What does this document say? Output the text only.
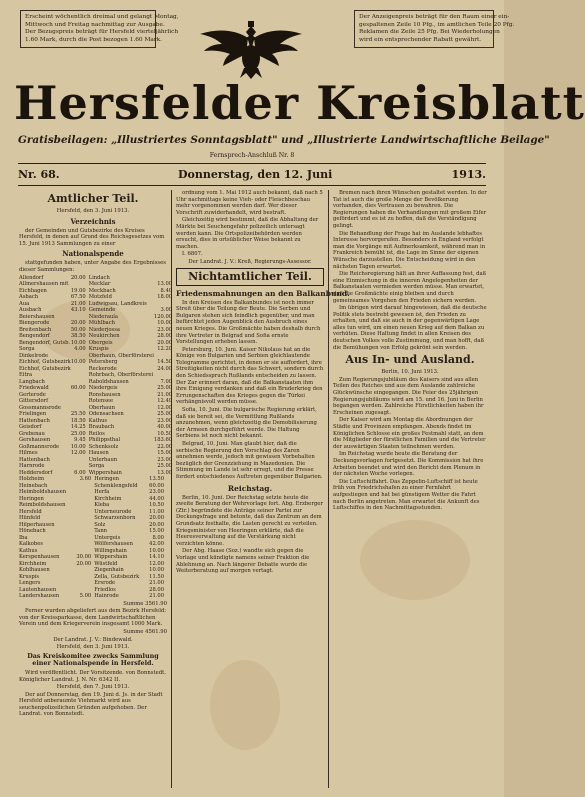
Erscheint wöchentlich dreimal und gelangt Montag,
Mittwoch und Freitag nachmittag zur Ausgabe.
Der Bezugspreis beträgt für Hersfeld vierteljährlich
1.60 Mark, durch die Post bezogen 1.60 Mark.
Der Anzeigenpreis beträgt für den Raum einer ein-
gespaltenen Zeile 10 Pfg., im amtlichen Teile 20 Pfg.
Reklamen die Zeile 25 Pfg. Bei Wiederholungen
wird ein entsprechender Rabatt gewährt.
Hersfelder Kreisblatt
Gratisbeilagen: „Illustriertes Sonntagsblatt" und „Illustrierte Landwirtschaftliche Beilage"
Fernsprech-Anschluß Nr. 8
Nr. 68.	Donnerstag, den 12. Juni	1913.
Amtlicher Teil.

Hersfeld, den 3. Juni 1913.

Verzeichnis

der Gemeinden und Gutsbezirke des Kreises Hersfeld, in denen auf Grund des Reichsgesetzes vom 15. Juni 1913 Sammlungen zu einer

Nationalspende

stattgefunden haben, unter Angabe des Ergebnisses dieser Sammlungen:

Allendorf	20.00	Lindach	
Allmershausen mit		Mecklar	13.00
Eichhagen	19.00	Meckbach	8.40
Asbach	67.50	Motzfeld	18.00
Aua	21.00	Ludwigsau, Landkreis	
Ausbach	43.10	Gemeinde	3.00
Beiershausen		Niederaula	120.00
Biengerode	20.00	Mühlbach	10.00
Breitenbach	50.00	Niederjossa	23.00
Bengendorf	38.50	Neukirchen	28.00
Bengendorf, Gutsb.	10.00	Obergeis	20.00
Sorga	4.00	Kruspis	12.20
Dinkelrode		Oberhaun, Oberförsterei	
Eichhof, Gutsbezirk	10.00	Petersberg	14.50
Eichhof, Gutsbezirk		Reckerode	24.00
Eitra		Rohrbach, Oberförsterei	
Langbach		Raboldshausen	7.00
Friedewald	60.00	Niedergeis	25.00
Gerterode		Ronshausen	21.00
Gittersdorf		Rotensee	12.40
Gossmannsrode		Oberhaun	12.00
Frielingen	25.50	Odensachsen	25.00
Hattenbach	18.50	Kathus	23.00
Geisdorf	14.25	Braubach	40.00
Grebenau	25.00	Reilos	10.50
Gershausen	9.45	Philippsthal	183.60
Goßmannsrode	10.00	Schenksolz	22.00
Hilmes	12.00	Hausen	15.00
Hattenbach		Unterhaun	23.00
Harnrode		Sorga	25.00
Heddersdorf	6.00	Wippershain	13.00
Holzheim	3.60	Heringen	13.50
Heinebach		Schenklengsfeld	60.00
Heimboldshausen		Herfa	23.00
Heringen		Kirchheim	44.00
Reimboldshausen		Kleba	10.50
Hersfeld		Unterneurode	11.00
Hünfeld		Schwarzenborn	20.00
Hilperhausen		Solz	20.00
Hönebach		Tann	15.00
Iba		Untergeis	8.00
Kalkobes		Wölfershausen	42.00
Kathus		Willingshain	10.00
Kerspenhausen	30.00	Wippershain	14.10
Kirchheim	20.00	Wüstfeld	12.00
Kohlhausen		Ziegenhain	10.00
Kruspis		Zella, Gutsbezirk	11.50
Lengers		Ersrode	21.00
Lautenhausen		Friedlos	28.00
Landershausen	5.00	Hainrode	21.00
Summe 3561.90

Ferner wurden abgeliefert aus dem Bezirk Hersfeld: von der Kreissparkasse, dem Landwirtschaftlichen Verein und dem Kriegerverein insgesamt 1000 Mark.

Summe 4561.90

Der Landrat. J. V.: Bindewald.

Hersfeld, den 3. Juni 1913.

Das Kreiskomitee zwecks Sammlung einer Nationalspende in Hersfeld.

Wird veröffentlicht. Der Vorsitzende. von Bonnstedt. Königlicher Landrat. J. N. Nr. 6342 II.

Hersfeld, den 7. Juni 1913.

Der auf Donnerstag, den 19. Juni d. Js. in der Stadt Hersfeld anberaumte Viehmarkt wird aus seuchenpolizeilichen Gründen aufgehoben. Der Landrat. von Bonnstedt.

ordnung vom 1. Mai 1912 auch bekannt, daß nach 5 Uhr nachmittags keine Vieh- oder Fleischbeschau mehr vorgenommen werden darf. Wer dieser Vorschrift zuwiderhandelt, wird bestraft.

Gleichzeitig wird bestimmt, daß die Abhaltung der Märkte bei Seuchengefahr polizeilich untersagt werden kann. Die Ortspolizeibehörden werden ersucht, dies in ortsüblicher Weise bekannt zu machen.

I. 6807.

Der Landrat. J. V.: Kreß, Regierungs-Assessor.

Nichtamtlicher Teil.
Friedensmahnungen an den Balkanbund.

In den Kreisen des Balkanbundes ist noch immer Streit über die Teilung der Beute. Die Serben und Bulgaren stehen sich feindlich gegenüber, und man befürchtet jeden Augenblick den Ausbruch eines neuen Krieges. Die Großmächte haben deshalb durch ihre Vertreter in Belgrad und Sofia ernste Vorstellungen erheben lassen.

Petersburg, 10. Juni. Kaiser Nikolaus hat an die Könige von Bulgarien und Serbien gleichlautende Telegramme gerichtet, in denen er sie auffordert, ihre Streitigkeiten nicht durch das Schwert, sondern durch den Schiedsspruch Rußlands entscheiden zu lassen. Der Zar erinnert daran, daß die Balkanstaaten ihm ihre Einigung verdanken und daß ein Bruderkrieg den Errungenschaften des Krieges gegen die Türkei verhängnisvoll werden müsse.

Sofia, 10. Juni. Die bulgarische Regierung erklärt, daß sie bereit sei, die Vermittlung Rußlands anzunehmen, wenn gleichzeitig die Demobilisierung der Armeen durchgeführt werde. Die Haltung Serbiens ist noch nicht bekannt.

Belgrad, 10. Juni. Man glaubt hier, daß die serbische Regierung den Vorschlag des Zaren annehmen werde, jedoch mit gewissen Vorbehalten bezüglich der Grenzziehung in Mazedonien. Die Stimmung im Lande ist sehr erregt, und die Presse fordert entschiedenes Auftreten gegenüber Bulgarien.

Reichstag.

Berlin, 10. Juni. Der Reichstag setzte heute die zweite Beratung der Wehrvorlage fort. Abg. Erzberger (Ztr.) begründete die Anträge seiner Partei zur Deckungsfrage und betonte, daß das Zentrum an dem Grundsatz festhalte, die Lasten gerecht zu verteilen. Kriegsminister von Heeringen erklärte, daß die Heeresverwaltung auf die Verstärkung nicht verzichten könne.

Der Abg. Haase (Soz.) wandte sich gegen die Vorlage und kündigte namens seiner Fraktion die Ablehnung an. Nach längerer Debatte wurde die Weiterberatung auf morgen vertagt.

Bremen nach ihren Wünschen gestaltet werden. In der Tat ist auch die große Menge der Bevölkerung vorhanden, dies Vertrauen zu bewahren. Die Regierungen haben die Verhandlungen mit großem Eifer gefördert und es ist zu hoffen, daß die Verständigung gelingt.

Die Behandlung der Frage hat im Auslande lebhaftes Interesse hervorgerufen. Besonders in England verfolgt man die Vorgänge mit Aufmerksamkeit, während man in Frankreich bemüht ist, die Lage im Sinne der eigenen Wünsche darzustellen. Die Entscheidung wird in den nächsten Tagen erwartet.

Die Reichsregierung hält an ihrer Auffassung fest, daß eine Einmischung in die inneren Angelegenheiten der Balkanstaaten vermieden werden müsse. Man erwartet, daß die Großmächte einig bleiben und durch gemeinsames Vorgehen den Frieden sichern werden.

Im übrigen wird darauf hingewiesen, daß die deutsche Politik stets bestrebt gewesen ist, den Frieden zu erhalten, und daß sie auch in der gegenwärtigen Lage alles tun wird, um einen neuen Krieg auf dem Balkan zu verhüten. Diese Haltung findet in allen Kreisen des deutschen Volkes volle Zustimmung, und man hofft, daß die Bemühungen von Erfolg gekrönt sein werden.

Aus In- und Ausland.

Berlin, 10. Juni 1913.

Zum Regierungsjubiläum des Kaisers sind aus allen Teilen des Reiches und aus dem Auslande zahlreiche Glückwünsche eingegangen. Die Feier des 25jährigen Regierungsjubiläums wird am 15. und 16. Juni in Berlin begangen werden. Zahlreiche Fürstlichkeiten haben ihr Erscheinen zugesagt.

Der Kaiser wird am Montag die Abordnungen der Städte und Provinzen empfangen. Abends findet im Königlichen Schlosse ein großes Festmahl statt, an dem die Mitglieder der fürstlichen Familien und die Vertreter der auswärtigen Staaten teilnehmen werden.

Im Reichstag wurde heute die Beratung der Deckungsvorlagen fortgesetzt. Die Kommission hat ihre Arbeiten beendet und wird den Bericht dem Plenum in der nächsten Woche vorlegen.

Die Luftschiffahrt. Das Zeppelin-Luftschiff ist heute früh von Friedrichshafen zu einer Fernfahrt aufgestiegen und hat bei günstigem Wetter die Fahrt nach Berlin angetreten. Man erwartet die Ankunft des Luftschiffes in den Nachmittagsstunden.
